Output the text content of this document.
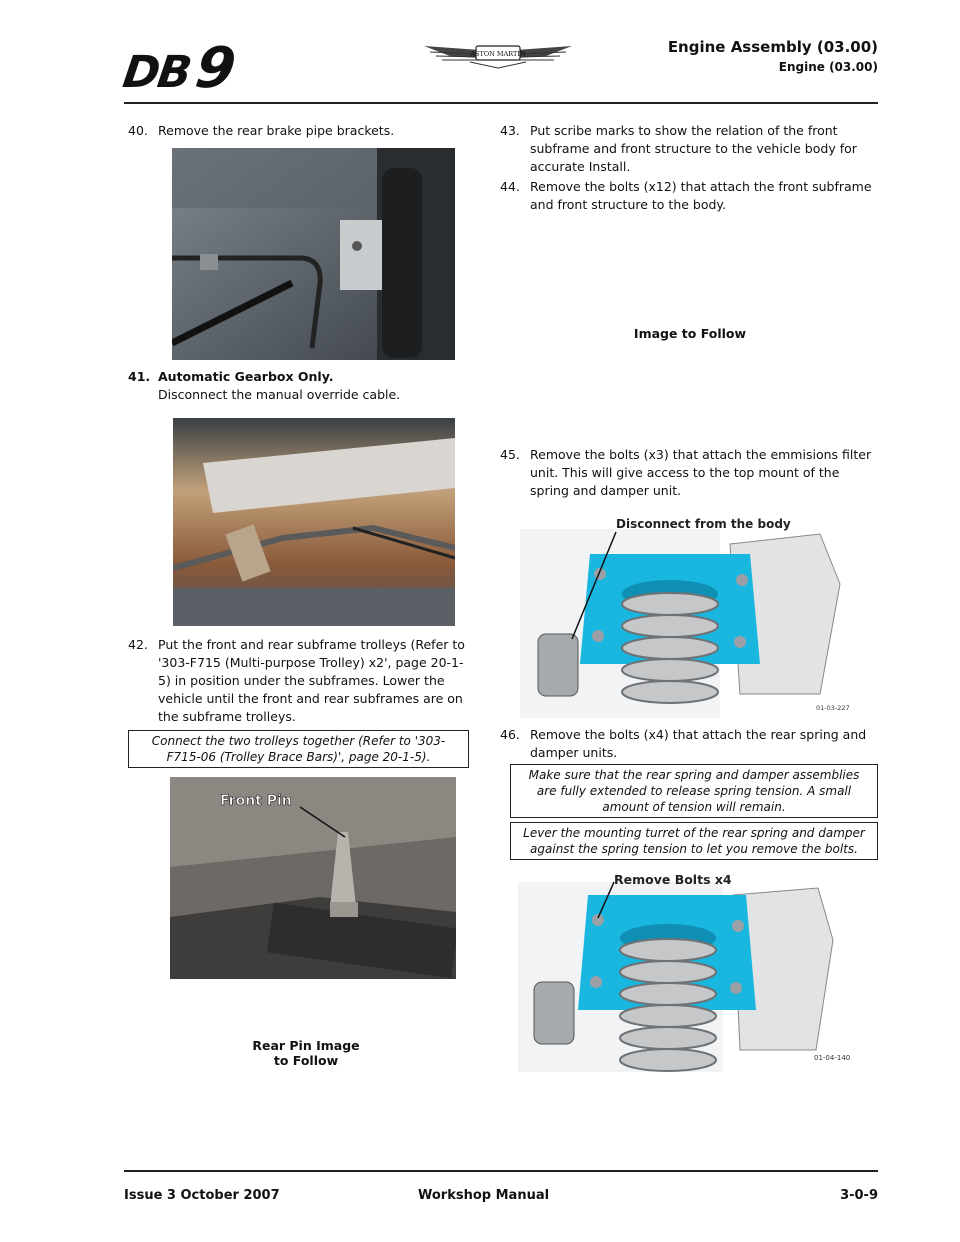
DB9	ASTON MARTIN	Engine Assembly (03.00)
Engine (03.00)
40. Remove the rear brake pipe brackets.
41. Automatic Gearbox Only.
Disconnect the manual override cable.
42. Put the front and rear subframe trolleys (Refer to '303-F715 (Multi-purpose Trolley) x2', page 20-1-5) in position under the subframes. Lower the vehicle until the front and rear subframes are on the subframe trolleys.
Connect the two trolleys together (Refer to '303-F715-06 (Trolley Brace Bars)', page 20-1-5).
Front Pin
Rear Pin Image
to Follow
43. Put scribe marks to show the relation of the front subframe and front structure to the vehicle body for accurate Install.
44. Remove the bolts (x12) that attach the front subframe and front structure to the body.
Image to Follow
45. Remove the bolts (x3) that attach the emmisions filter unit. This will give access to the top mount of the spring and damper unit.
Disconnect from the body
01-03-227
46. Remove the bolts (x4) that attach the rear spring and damper units.
Make sure that the rear spring and damper assemblies are fully extended to release spring tension. A small amount of tension will remain.
Lever the mounting turret of the rear spring and damper against the spring tension to let you remove the bolts.
Remove Bolts x4
01-04-140
Issue 3 October 2007	Workshop Manual	3-0-9
